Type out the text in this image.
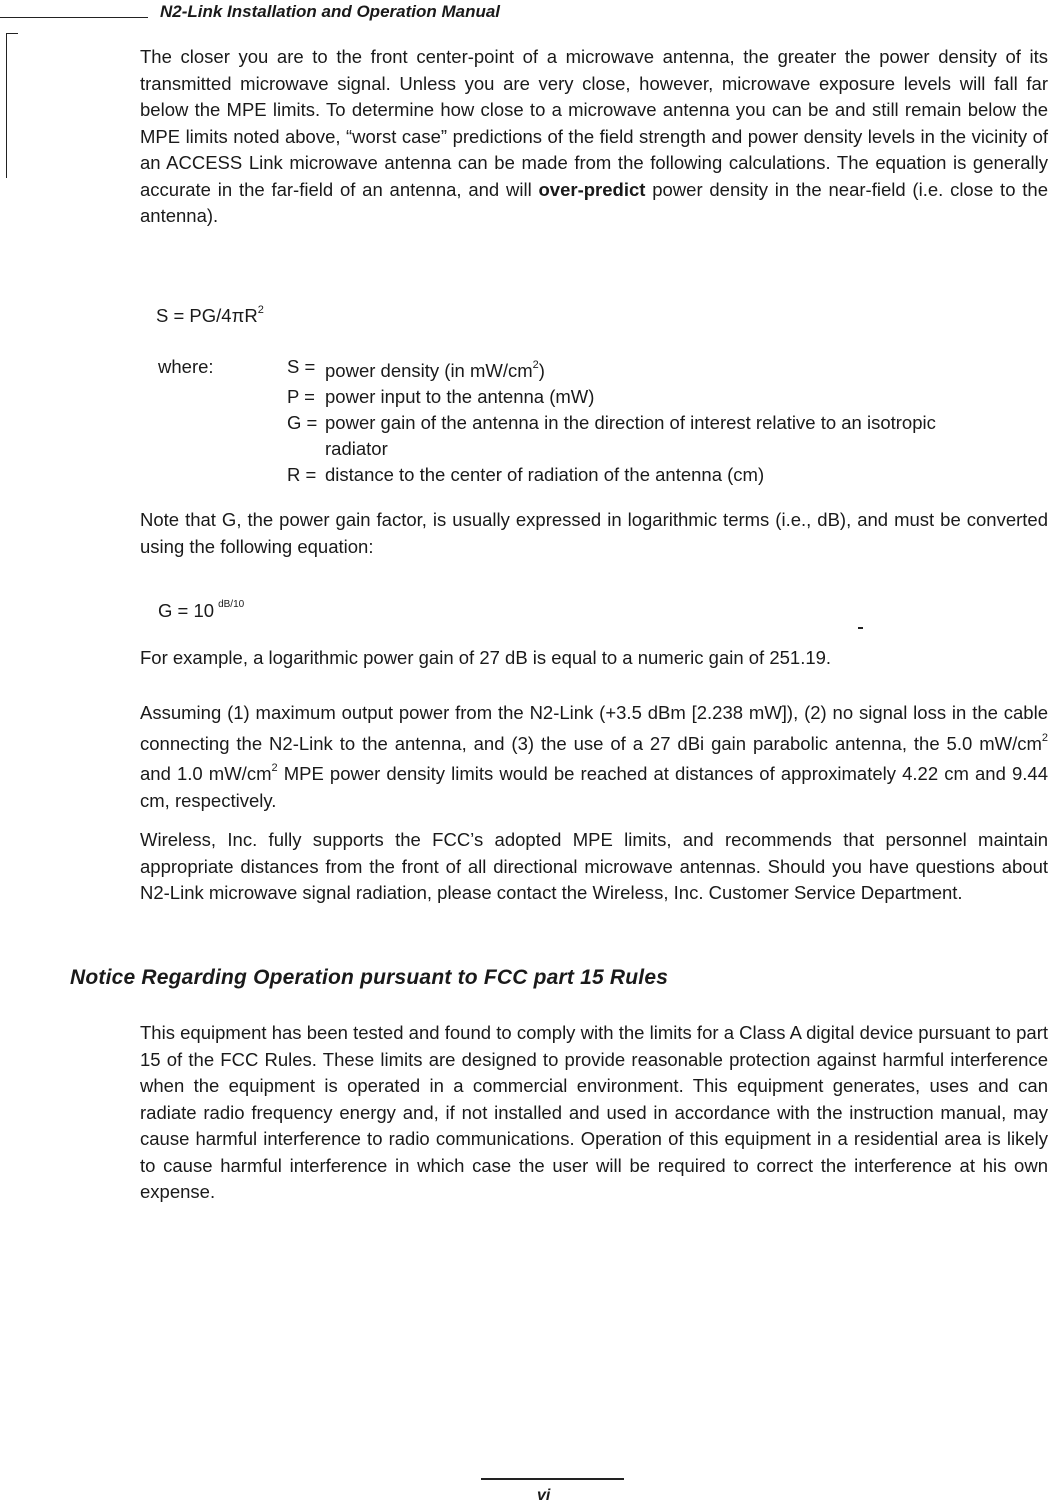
N2-Link Installation and Operation Manual
The closer you are to the front center-point of a microwave antenna, the greater the power density of its transmitted microwave signal. Unless you are very close, however, microwave exposure levels will fall far below the MPE limits. To determine how close to a microwave antenna you can be and still remain below the MPE limits noted above, “worst case” predictions of the field strength and power density levels in the vicinity of an ACCESS Link microwave antenna can be made from the following calculations. The equation is generally accurate in the far-field of an antenna, and will over-predict power density in the near-field (i.e. close to the antenna).
$S = PG/4\pi R^2$
where:	S = power density (in $mW/cm^2$)
P = power input to the antenna (mW)
G = power gain of the antenna in the direction of interest relative to an isotropic
radiator
R = distance to the center of radiation of the antenna (cm)
Note that G, the power gain factor, is usually expressed in logarithmic terms (i.e., dB), and must be converted using the following equation:
G = 10 $^{dB/10}$
For example, a logarithmic power gain of 27 dB is equal to a numeric gain of 251.19.
Assuming (1) maximum output power from the N2-Link (+3.5 dBm [2.238 mW]), (2) no signal loss in the cable connecting the N2-Link to the antenna, and (3) the use of a 27 dBi gain parabolic antenna, the 5.0 $mW/cm^2$ and 1.0 $mW/cm^2$ MPE power density limits would be reached at distances of approximately 4.22 cm and 9.44 cm, respectively.
Wireless, Inc. fully supports the FCC’s adopted MPE limits, and recommends that personnel maintain appropriate distances from the front of all directional microwave antennas. Should you have questions about N2-Link microwave signal radiation, please contact the Wireless, Inc. Customer Service Department.
Notice Regarding Operation pursuant to FCC part 15 Rules
This equipment has been tested and found to comply with the limits for a Class A digital device pursuant to part 15 of the FCC Rules. These limits are designed to provide reasonable protection against harmful interference when the equipment is operated in a commercial environment. This equipment generates, uses and can radiate radio frequency energy and, if not installed and used in accordance with the instruction manual, may cause harmful interference to radio communications. Operation of this equipment in a residential area is likely to cause harmful interference in which case the user will be required to correct the interference at his own expense.
vi
